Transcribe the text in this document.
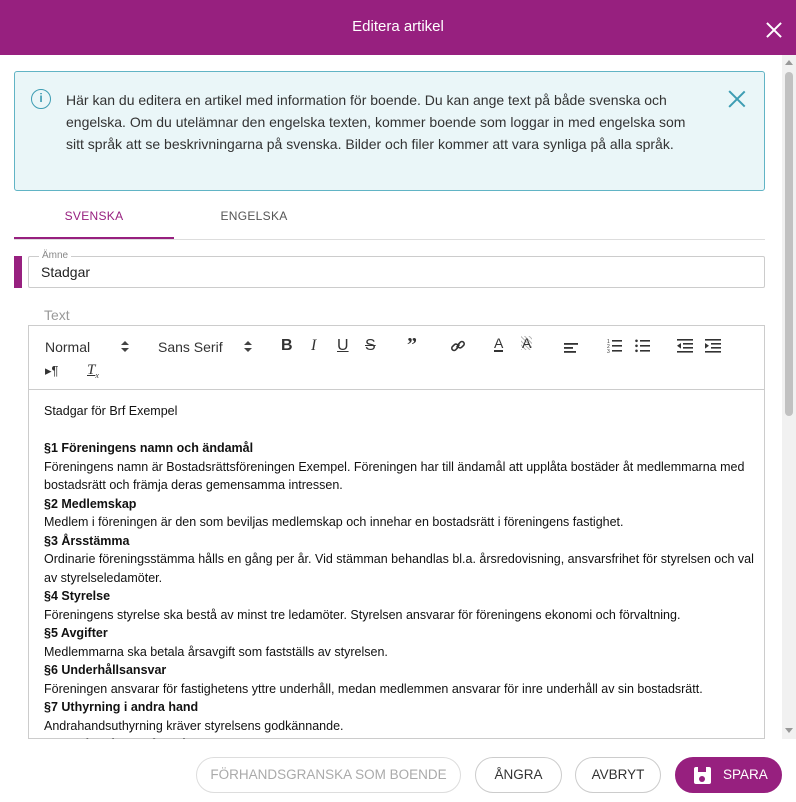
Editera artikel
i	Här kan du editera en artikel med information för boende. Du kan ange text på både svenska och engelska. Om du utelämnar den engelska texten, kommer boende som loggar in med engelska som sitt språk att se beskrivningarna på svenska. Bilder och filer kommer att vara synliga på alla språk.
SVENSKA	ENGELSKA
Ämne
Stadgar
Text
Normal	Sans Serif	B I U S ”	A A	1
2
3
▸¶ $T_x$
Stadgar för Brf Exempel
§1 Föreningens namn och ändamål
Föreningens namn är Bostadsrättsföreningen Exempel. Föreningen har till ändamål att upplåta bostäder åt medlemmarna med bostadsrätt och främja deras gemensamma intressen.
§2 Medlemskap
Medlem i föreningen är den som beviljas medlemskap och innehar en bostadsrätt i föreningens fastighet.
§3 Årsstämma
Ordinarie föreningsstämma hålls en gång per år. Vid stämman behandlas bl.a. årsredovisning, ansvarsfrihet för styrelsen och val av styrelseledamöter.
§4 Styrelse
Föreningens styrelse ska bestå av minst tre ledamöter. Styrelsen ansvarar för föreningens ekonomi och förvaltning.
§5 Avgifter
Medlemmarna ska betala årsavgift som fastställs av styrelsen.
§6 Underhållsansvar
Föreningen ansvarar för fastighetens yttre underhåll, medan medlemmen ansvarar för inre underhåll av sin bostadsrätt.
§7 Uthyrning i andra hand
Andrahandsuthyrning kräver styrelsens godkännande.
FÖRHANDSGRANSKA SOM BOENDE	ÅNGRA	AVBRYT	SPARA
